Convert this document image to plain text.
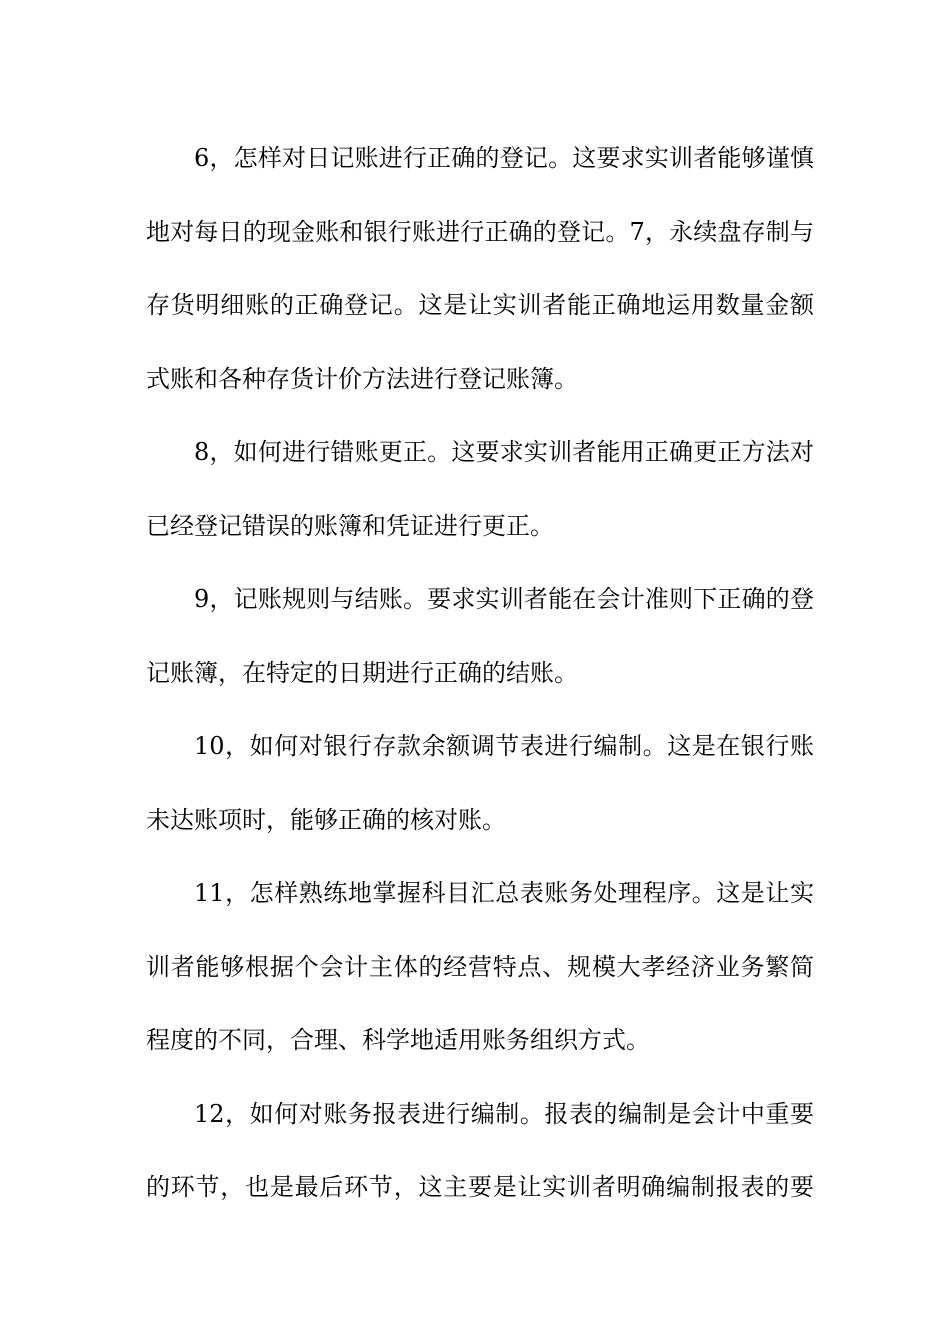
6，怎样对日记账进行正确的登记。这要求实训者能够谨慎
地对每日的现金账和银行账进行正确的登记。7，永续盘存制与
存货明细账的正确登记。这是让实训者能正确地运用数量金额
式账和各种存货计价方法进行登记账簿。
8，如何进行错账更正。这要求实训者能用正确更正方法对
已经登记错误的账簿和凭证进行更正。
9，记账规则与结账。要求实训者能在会计准则下正确的登
记账簿，在特定的日期进行正确的结账。
10，如何对银行存款余额调节表进行编制。这是在银行账
未达账项时，能够正确的核对账。
11，怎样熟练地掌握科目汇总表账务处理程序。这是让实
训者能够根据个会计主体的经营特点、规模大孝经济业务繁简
程度的不同，合理、科学地适用账务组织方式。
12，如何对账务报表进行编制。报表的编制是会计中重要
的环节，也是最后环节，这主要是让实训者明确编制报表的要
